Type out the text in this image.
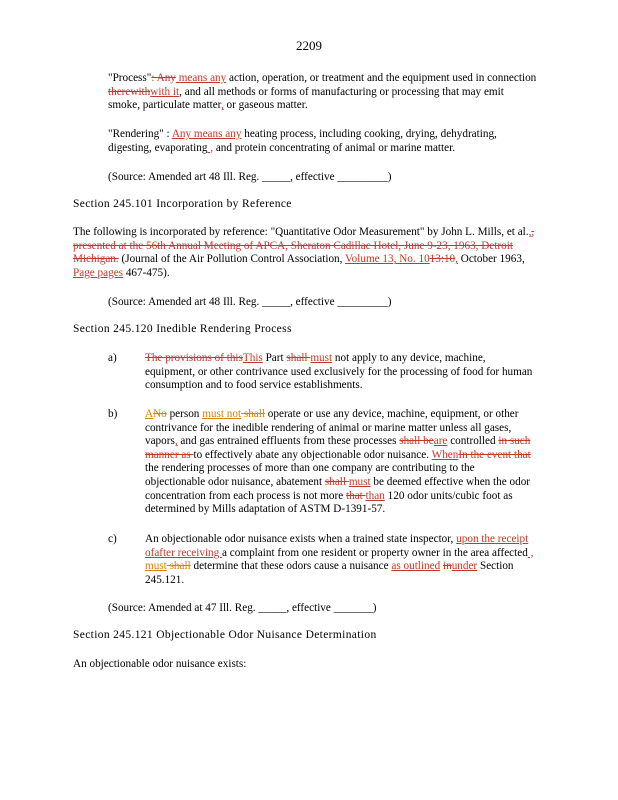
2209
"Process": Any means any action, operation, or treatment and the equipment used in connection therewithwith it, and all methods or forms of manufacturing or processing that may emit smoke, particulate matter, or gaseous matter.
"Rendering" : Any means any heating process, including cooking, drying, dehydrating, digesting, evaporating , and protein concentrating of animal or marine matter.
(Source: Amended art 48 Ill. Reg. _____, effective _________)
Section 245.101 Incorporation by Reference
The following is incorporated by reference: "Quantitative Odor Measurement" by John L. Mills, et al.,, presented at the 56th Annual Meeting of APCA, Sheraton Cadillac Hotel, June 9-23, 1963, Detroit Michigan. (Journal of the Air Pollution Control Association, Volume 13, No. 1013:10, October 1963, Page pages 467-475).
(Source: Amended art 48 Ill. Reg. _____, effective _________)
Section 245.120 Inedible Rendering Process
a)	The provisions of thisThis Part shall must not apply to any device, machine, equipment, or other contrivance used exclusively for the processing of food for human consumption and to food service establishments.
b) ANo person must not shall operate or use any device, machine, equipment, or other contrivance for the inedible rendering of animal or marine matter unless all gases, vapors, and gas entrained effluents from these processes shall beare controlled in such manner as to effectively abate any objectionable odor nuisance. WhenIn the event that the rendering processes of more than one company are contributing to the objectionable odor nuisance, abatement shall must be deemed effective when the odor concentration from each process is not more that than 120 odor units/cubic foot as determined by Mills adaptation of ASTM D-1391-57.
c)	An objectionable odor nuisance exists when a trained state inspector, upon the receipt ofafter receiving a complaint from one resident or property owner in the area affected , must shall determine that these odors cause a nuisance as outlined inunder Section 245.121.
(Source: Amended at 47 Ill. Reg. _____, effective _______)
Section 245.121 Objectionable Odor Nuisance Determination
An objectionable odor nuisance exists:
